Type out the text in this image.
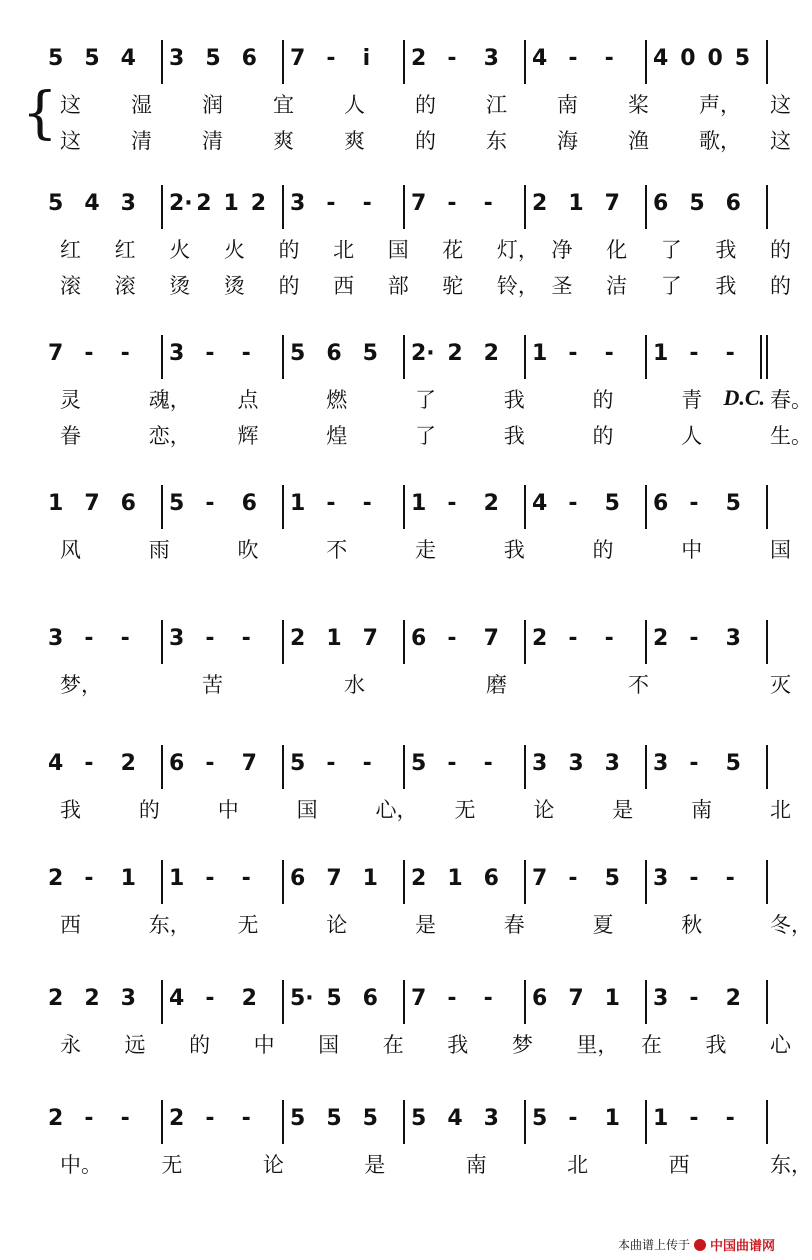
5 5 4 3 5 6 7 - i 2 - 3 4 - - 4 0 0 5
这 湿 润 宜 人 的 江 南 桨 声， 这
这 清 清 爽 爽 的 东 海 渔 歌， 这
{
5 4 3 2· 2 1 2 3 - - 7 - - 2 1 7 6 5 6
红 红 火 火 的 北 国 花 灯， 净 化 了 我 的
滚 滚 烫 烫 的 西 部 驼 铃， 圣 洁 了 我 的
7 - - 3 - - 5 6 5 2· 2 2 1 - - 1 - -
灵	魂， 点	燃	了	我	的	青	春。
眷	恋， 辉	煌	了	我	的	人	生。
D.C.
1 7 6 5 - 6 1 - - 1 - 2 4 - 5 6 - 5
风	雨	吹	不	走	我	的	中	国
3 - - 3 - - 2 1 7 6 - 7 2 - - 2 - 3
梦，	苦	水	磨	不	灭
4 - 2 6 - 7 5 - - 5 - - 3 3 3 3 - 5
我	的	中	国	心， 无	论	是	南	北
2 - 1 1 - - 6 7 1 2 1 6 7 - 5 3 - -
西	东， 无	论	是	春	夏	秋	冬，
2 2 3 4 - 2 5· 5 6 7 - - 6 7 1 3 - 2
永 远 的 中 国 在 我 梦 里， 在 我 心
2 - - 2 - - 5 5 5 5 4 3 5 - 1 1 - -
中。	无	论	是	南	北	西	东，
本曲谱上传于 中国曲谱网
